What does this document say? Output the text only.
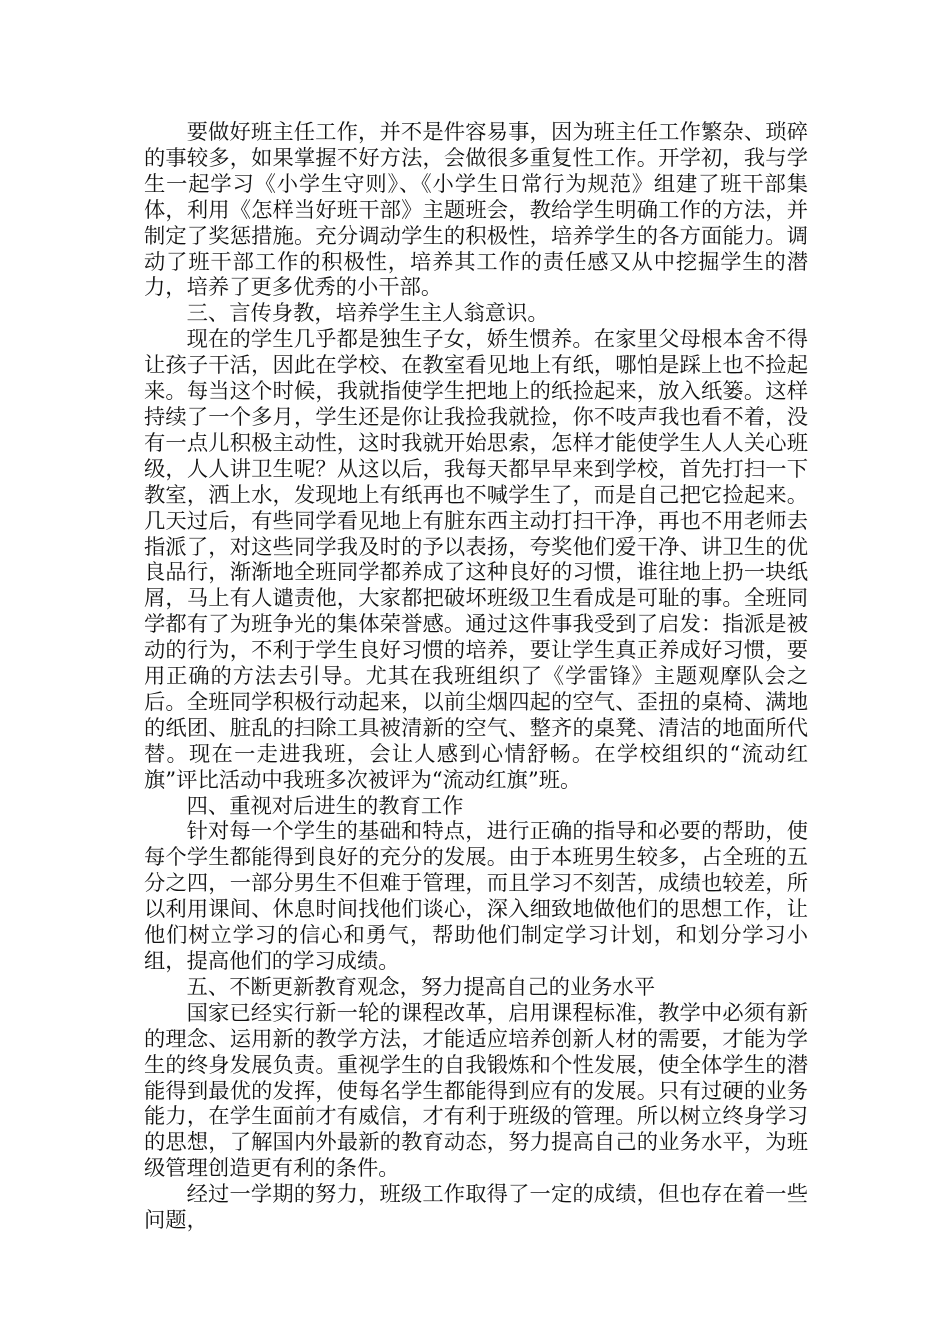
要做好班主任工作，并不是件容易事，因为班主任工作繁杂、琐碎的事较多，如果掌握不好方法，会做很多重复性工作。开学初，我与学生一起学习《小学生守则》、《小学生日常行为规范》组建了班干部集体，利用《怎样当好班干部》主题班会，教给学生明确工作的方法，并制定了奖惩措施。充分调动学生的积极性，培养学生的各方面能力。调动了班干部工作的积极性，培养其工作的责任感又从中挖掘学生的潜力，培养了更多优秀的小干部。

三、言传身教，培养学生主人翁意识。

现在的学生几乎都是独生子女，娇生惯养。在家里父母根本舍不得让孩子干活，因此在学校、在教室看见地上有纸，哪怕是踩上也不捡起来。每当这个时候，我就指使学生把地上的纸捡起来，放入纸篓。这样持续了一个多月，学生还是你让我捡我就捡，你不吱声我也看不着，没有一点儿积极主动性，这时我就开始思索，怎样才能使学生人人关心班级，人人讲卫生呢？从这以后，我每天都早早来到学校，首先打扫一下教室，洒上水，发现地上有纸再也不喊学生了，而是自己把它捡起来。几天过后，有些同学看见地上有脏东西主动打扫干净，再也不用老师去指派了，对这些同学我及时的予以表扬，夸奖他们爱干净、讲卫生的优良品行，渐渐地全班同学都养成了这种良好的习惯，谁往地上扔一块纸屑，马上有人谴责他，大家都把破坏班级卫生看成是可耻的事。全班同学都有了为班争光的集体荣誉感。通过这件事我受到了启发：指派是被动的行为，不利于学生良好习惯的培养，要让学生真正养成好习惯，要用正确的方法去引导。尤其在我班组织了《学雷锋》主题观摩队会之后。全班同学积极行动起来，以前尘烟四起的空气、歪扭的桌椅、满地的纸团、脏乱的扫除工具被清新的空气、整齐的桌凳、清洁的地面所代替。现在一走进我班，会让人感到心情舒畅。在学校组织的“流动红旗”评比活动中我班多次被评为“流动红旗”班。

四、重视对后进生的教育工作

针对每一个学生的基础和特点，进行正确的指导和必要的帮助，使每个学生都能得到良好的充分的发展。由于本班男生较多，占全班的五分之四，一部分男生不但难于管理，而且学习不刻苦，成绩也较差，所以利用课间、休息时间找他们谈心，深入细致地做他们的思想工作，让他们树立学习的信心和勇气，帮助他们制定学习计划，和划分学习小组，提高他们的学习成绩。

五、不断更新教育观念，努力提高自己的业务水平

国家已经实行新一轮的课程改革，启用课程标准，教学中必须有新的理念、运用新的教学方法，才能适应培养创新人材的需要，才能为学生的终身发展负责。重视学生的自我锻炼和个性发展，使全体学生的潜能得到最优的发挥，使每名学生都能得到应有的发展。只有过硬的业务能力，在学生面前才有威信，才有利于班级的管理。所以树立终身学习的思想，了解国内外最新的教育动态，努力提高自己的业务水平，为班级管理创造更有利的条件。

经过一学期的努力，班级工作取得了一定的成绩，但也存在着一些问题，
